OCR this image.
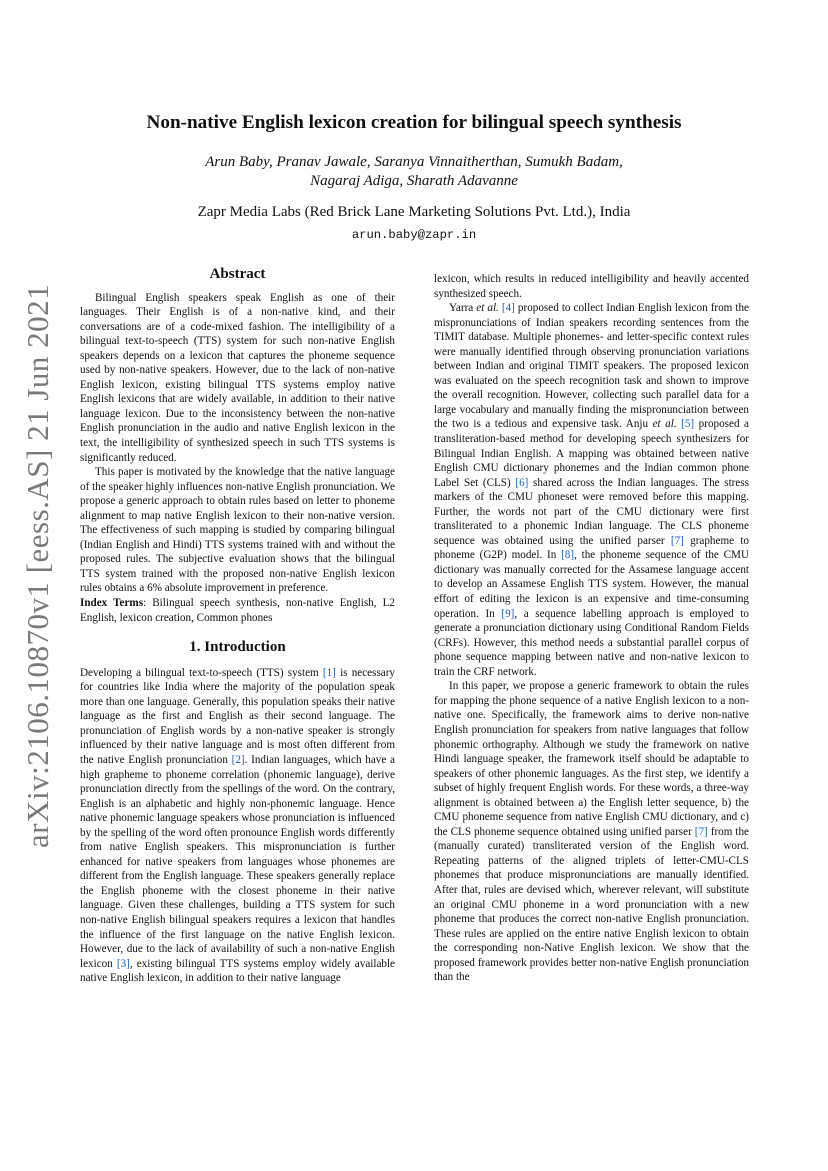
arXiv:2106.10870v1 [eess.AS] 21 Jun 2021
Non-native English lexicon creation for bilingual speech synthesis
Arun Baby, Pranav Jawale, Saranya Vinnaitherthan, Sumukh Badam,
Nagaraj Adiga, Sharath Adavanne
Zapr Media Labs (Red Brick Lane Marketing Solutions Pvt. Ltd.), India
arun.baby@zapr.in
Abstract

Bilingual English speakers speak English as one of their languages. Their English is of a non-native kind, and their conversations are of a code-mixed fashion. The intelligibility of a bilingual text-to-speech (TTS) system for such non-native English speakers depends on a lexicon that captures the phoneme sequence used by non-native speakers. However, due to the lack of non-native English lexicon, existing bilingual TTS systems employ native English lexicons that are widely available, in addition to their native language lexicon. Due to the inconsistency between the non-native English pronunciation in the audio and native English lexicon in the text, the intelligibility of synthesized speech in such TTS systems is significantly reduced.

This paper is motivated by the knowledge that the native language of the speaker highly influences non-native English pronunciation. We propose a generic approach to obtain rules based on letter to phoneme alignment to map native English lexicon to their non-native version. The effectiveness of such mapping is studied by comparing bilingual (Indian English and Hindi) TTS systems trained with and without the proposed rules. The subjective evaluation shows that the bilingual TTS system trained with the proposed non-native English lexicon rules obtains a 6% absolute improvement in preference.

Index Terms: Bilingual speech synthesis, non-native English, L2 English, lexicon creation, Common phones

1. Introduction

Developing a bilingual text-to-speech (TTS) system [1] is necessary for countries like India where the majority of the population speak more than one language. Generally, this population speaks their native language as the first and English as their second language. The pronunciation of English words by a non-native speaker is strongly influenced by their native language and is most often different from the native English pronunciation [2]. Indian languages, which have a high grapheme to phoneme correlation (phonemic language), derive pronunciation directly from the spellings of the word. On the contrary, English is an alphabetic and highly non-phonemic language. Hence native phonemic language speakers whose pronunciation is influenced by the spelling of the word often pronounce English words differently from native English speakers. This mispronunciation is further enhanced for native speakers from languages whose phonemes are different from the English language. These speakers generally replace the English phoneme with the closest phoneme in their native language. Given these challenges, building a TTS system for such non-native English bilingual speakers requires a lexicon that handles the influence of the first language on the native English lexicon. However, due to the lack of availability of such a non-native English lexicon [3], existing bilingual TTS systems employ widely available native English lexicon, in addition to their native language

lexicon, which results in reduced intelligibility and heavily accented synthesized speech.

Yarra et al. [4] proposed to collect Indian English lexicon from the mispronunciations of Indian speakers recording sentences from the TIMIT database. Multiple phonemes- and letter-specific context rules were manually identified through observing pronunciation variations between Indian and original TIMIT speakers. The proposed lexicon was evaluated on the speech recognition task and shown to improve the overall recognition. However, collecting such parallel data for a large vocabulary and manually finding the mispronunciation between the two is a tedious and expensive task. Anju et al. [5] proposed a transliteration-based method for developing speech synthesizers for Bilingual Indian English. A mapping was obtained between native English CMU dictionary phonemes and the Indian common phone Label Set (CLS) [6] shared across the Indian languages. The stress markers of the CMU phoneset were removed before this mapping. Further, the words not part of the CMU dictionary were first transliterated to a phonemic Indian language. The CLS phoneme sequence was obtained using the unified parser [7] grapheme to phoneme (G2P) model. In [8], the phoneme sequence of the CMU dictionary was manually corrected for the Assamese language accent to develop an Assamese English TTS system. However, the manual effort of editing the lexicon is an expensive and time-consuming operation. In [9], a sequence labelling approach is employed to generate a pronunciation dictionary using Conditional Random Fields (CRFs). However, this method needs a substantial parallel corpus of phone sequence mapping between native and non-native lexicon to train the CRF network.

In this paper, we propose a generic framework to obtain the rules for mapping the phone sequence of a native English lexicon to a non-native one. Specifically, the framework aims to derive non-native English pronunciation for speakers from native languages that follow phonemic orthography. Although we study the framework on native Hindi language speaker, the framework itself should be adaptable to speakers of other phonemic languages. As the first step, we identify a subset of highly frequent English words. For these words, a three-way alignment is obtained between a) the English letter sequence, b) the CMU phoneme sequence from native English CMU dictionary, and c) the CLS phoneme sequence obtained using unified parser [7] from the (manually curated) transliterated version of the English word. Repeating patterns of the aligned triplets of letter-CMU-CLS phonemes that produce mispronunciations are manually identified. After that, rules are devised which, wherever relevant, will substitute an original CMU phoneme in a word pronunciation with a new phoneme that produces the correct non-native English pronunciation. These rules are applied on the entire native English lexicon to obtain the corresponding non-Native English lexicon. We show that the proposed framework provides better non-native English pronunciation than the
